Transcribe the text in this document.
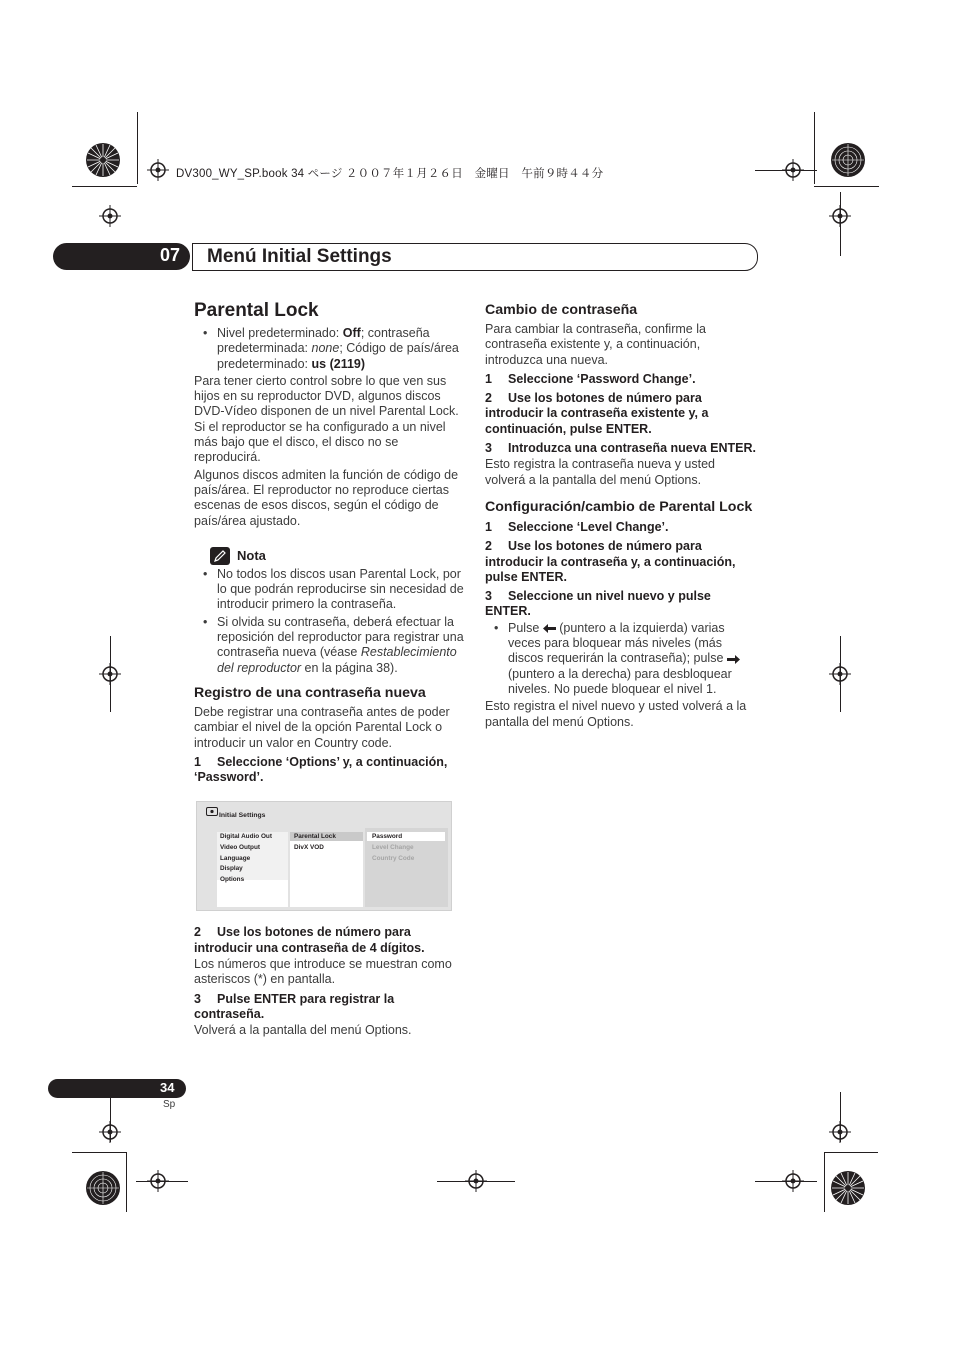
DV300_WY_SP.book 34 ページ ２００７年１月２６日　金曜日　午前９時４４分
07	Menú Initial Settings
Parental Lock
• Nivel predeterminado: Off; contraseña predeterminada: none; Código de país/área predeterminado: us (2119)

Para tener cierto control sobre lo que ven sus hijos en su reproductor DVD, algunos discos DVD-Vídeo disponen de un nivel Parental Lock. Si el reproductor se ha configurado a un nivel más bajo que el disco, el disco no se reproducirá.

Algunos discos admiten la función de código de país/área. El reproductor no reproduce ciertas escenas de esos discos, según el código de país/área ajustado.

Nota
• No todos los discos usan Parental Lock, por lo que podrán reproducirse sin necesidad de introducir primero la contraseña.
• Si olvida su contraseña, deberá efectuar la reposición del reproductor para registrar una contraseña nueva (véase Restablecimiento del reproductor en la página 38).
Registro de una contraseña nueva

Debe registrar una contraseña antes de poder cambiar el nivel de la opción Parental Lock o introducir un valor en Country code.

1 Seleccione ‘Options’ y, a continuación, ‘Password’.
Initial Settings
Digital Audio Out
Video Output
Language
Display
Options
Parental Lock
DivX VOD
Password
Level Change
Country Code
2 Use los botones de número para introducir una contraseña de 4 dígitos.

Los números que introduce se muestran como asteriscos (*) en pantalla.

3 Pulse ENTER para registrar la contraseña.

Volverá a la pantalla del menú Options.

Cambio de contraseña

Para cambiar la contraseña, confirme la contraseña existente y, a continuación, introduzca una nueva.

1 Seleccione ‘Password Change’.
2 Use los botones de número para introducir la contraseña existente y, a continuación, pulse ENTER.
3 Introduzca una contraseña nueva ENTER.

Esto registra la contraseña nueva y usted volverá a la pantalla del menú Options.

Configuración/cambio de Parental Lock
1 Seleccione ‘Level Change’.
2 Use los botones de número para introducir la contraseña y, a continuación, pulse ENTER.
3 Seleccione un nivel nuevo y pulse ENTER.
• Pulse  (puntero a la izquierda) varias veces para bloquear más niveles (más discos requerirán la contraseña); pulse  (puntero a la derecha) para desbloquear niveles. No puede bloquear el nivel 1.

Esto registra el nivel nuevo y usted volverá a la pantalla del menú Options.

34
Sp
